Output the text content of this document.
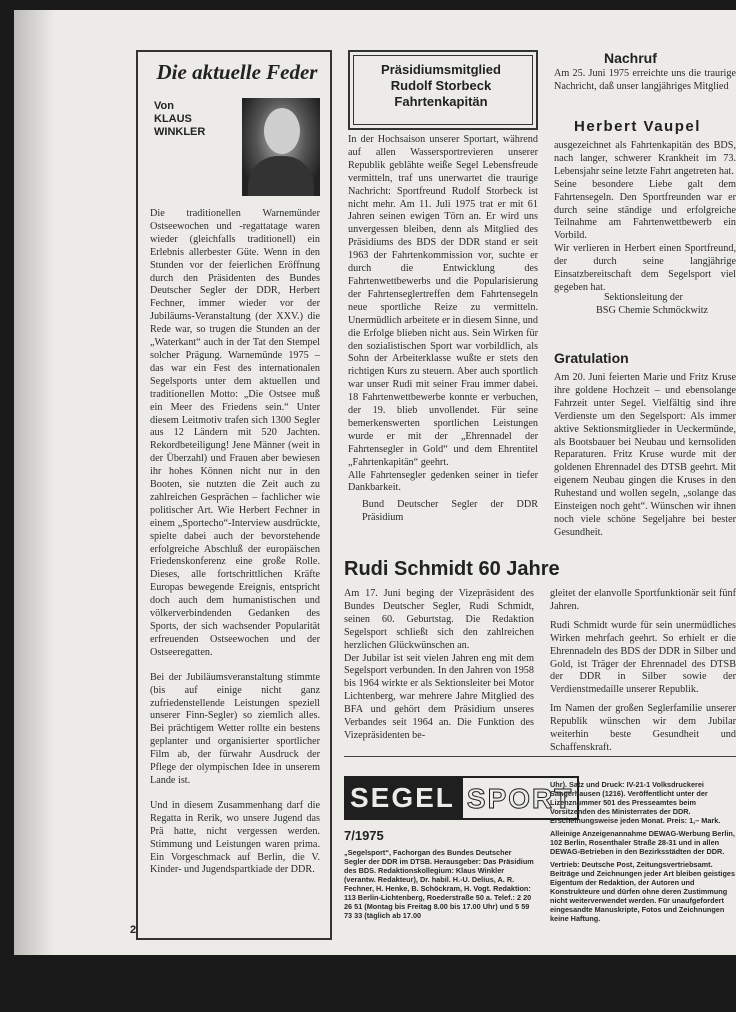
Die aktuelle Feder
Von
KLAUS
WINKLER

Die traditionellen Warnemünder Ostseewochen und -regattatage waren wieder (gleichfalls traditionell) ein Erlebnis allerbester Güte. Wenn in den Stunden vor der feierlichen Eröffnung durch den Präsidenten des Bundes Deutscher Segler der DDR, Herbert Fechner, immer wieder vor der Jubiläums-Veranstaltung (der XXV.) die Rede war, so trugen die Stunden an der „Waterkant“ auch in der Tat den Stempel solcher Prägung. Warnemünde 1975 – das war ein Fest des internationalen Segelsports unter dem aktuellen und traditionellen Motto: „Die Ostsee muß ein Meer des Friedens sein.“ Unter diesem Leitmotiv trafen sich 1300 Segler aus 12 Ländern mit 520 Jachten. Rekordbeteiligung! Jene Männer (weit in der Überzahl) und Frauen aber bewiesen ihr hohes Können nicht nur in den Booten, sie nutzten die Zeit auch zu zahlreichen Gesprächen – fachlicher wie politischer Art. Wie Herbert Fechner in einem „Sportecho“-Interview ausdrückte, spielte dabei auch der bevorstehende erfolgreiche Abschluß der europäischen Friedenskonferenz eine große Rolle. Dieses, alle fortschrittlichen Kräfte Europas bewegende Ereignis, entspricht doch auch dem humanistischen und völkerverbindenden Gedanken des Sports, der sich wachsender Popularität erfreuenden Ostseewochen und der Ostseeregatten.

Bei der Jubiläumsveranstaltung stimmte (bis auf einige nicht ganz zufriedenstellende Leistungen speziell unserer Finn-Segler) so ziemlich alles. Bei prächtigem Wetter rollte ein bestens geplanter und organisierter sportlicher Film ab, der fürwahr Ausdruck der Pflege der olympischen Idee in unserem Lande ist.

Und in diesem Zusammenhang darf die Regatta in Rerik, wo unsere Jugend das Prä hatte, nicht vergessen werden. Stimmung und Leistungen waren prima. Ein Vorgeschmack auf Berlin, die V. Kinder- und Jugendspartkiade der DDR.

Präsidiumsmitglied
Rudolf Storbeck
Fahrtenkapitän

In der Hochsaison unserer Sportart, während auf allen Wassersportrevieren unserer Republik geblähte weiße Segel Lebensfreude vermitteln, traf uns unerwartet die traurige Nachricht: Sportfreund Rudolf Storbeck ist nicht mehr. Am 11. Juli 1975 trat er mit 61 Jahren seinen ewigen Törn an. Er wird uns unvergessen bleiben, denn als Mitglied des Präsidiums des BDS der DDR stand er seit 1963 der Fahrtenkommission vor, suchte er durch die Entwicklung des Fahrtenwettbewerbs und die Popularisierung der Fahrtenseglertreffen dem Fahrtensegeln neue sportliche Reize zu vermitteln. Unermüdlich arbeitete er in diesem Sinne, und die Erfolge blieben nicht aus. Sein Wirken für den sozialistischen Sport war vorbildlich, als Sohn der Arbeiterklasse wußte er stets den richtigen Kurs zu steuern. Aber auch sportlich war unser Rudi mit seiner Frau immer dabei. 18 Fahrtenwettbewerbe konnte er verbuchen, der 19. blieb unvollendet. Für seine bemerkenswerten sportlichen Leistungen wurde er mit der „Ehrennadel der Fahrtensegler in Gold“ und dem Ehrentitel „Fahrtenkapitän“ geehrt.

Alle Fahrtensegler gedenken seiner in tiefer Dankbarkeit.

Bund Deutscher Segler der DDR Präsidium

Nachruf
Am 25. Juni 1975 erreichte uns die traurige Nachricht, daß unser langjähriges Mitglied
Herbert Vaupel

ausgezeichnet als Fahrtenkapitän des BDS, nach langer, schwerer Krankheit im 73. Lebensjahr seine letzte Fahrt angetreten hat.

Seine besondere Liebe galt dem Fahrtensegeln. Den Sportfreunden war er durch seine ständige und erfolgreiche Teilnahme am Fahrtenwettbewerb ein Vorbild.

Wir verlieren in Herbert einen Sportfreund, der durch seine langjährige Einsatzbereitschaft dem Segelsport viel gegeben hat.

Sektionsleitung der
BSG Chemie Schmöckwitz
Gratulation
Am 20. Juni feierten Marie und Fritz Kruse ihre goldene Hochzeit – und ebensolange Fahrzeit unter Segel. Vielfältig sind ihre Verdienste um den Segelsport: Als immer aktive Sektionsmitglieder in Ueckermünde, als Bootsbauer bei Neubau und kernsoliden Reparaturen. Fritz Kruse wurde mit der goldenen Ehrennadel des DTSB geehrt. Mit eigenem Neubau gingen die Kruses in den Ruhestand und wollen segeln, „solange das Einsteigen noch geht“. Wünschen wir ihnen noch viele schöne Segeljahre bei bester Gesundheit.
Rudi Schmidt 60 Jahre

Am 17. Juni beging der Vizepräsident des Bundes Deutscher Segler, Rudi Schmidt, seinen 60. Geburtstag. Die Redaktion Segelsport schließt sich den zahlreichen herzlichen Glückwünschen an.

Der Jubilar ist seit vielen Jahren eng mit dem Segelsport verbunden. In den Jahren von 1958 bis 1964 wirkte er als Sektionsleiter bei Motor Lichtenberg, war mehrere Jahre Mitglied des BFA und gehört dem Präsidium unseres Verbandes seit 1964 an. Die Funktion des Vizepräsidenten be-

gleitet der elanvolle Sportfunktionär seit fünf Jahren.

Rudi Schmidt wurde für sein unermüdliches Wirken mehrfach geehrt. So erhielt er die Ehrennadeln des BDS der DDR in Silber und Gold, ist Träger der Ehrennadel des DTSB der DDR in Silber sowie der Verdienstmedaille unserer Republik.

Im Namen der großen Seglerfamilie unserer Republik wünschen wir dem Jubilar weiterhin beste Gesundheit und Schaffenskraft.

SEGEL SPORT
7/1975
„Segelsport“, Fachorgan des Bundes Deutscher Segler der DDR im DTSB. Herausgeber: Das Präsidium des BDS. Redaktionskollegium: Klaus Winkler (verantw. Redakteur), Dr. habil. H.-U. Delius, A. R. Fechner, H. Henke, B. Schöckram, H. Vogt. Redaktion: 113 Berlin-Lichtenberg, Roederstraße 50 a. Telef.: 2 20 26 51 (Montag bis Freitag 8.00 bis 17.00 Uhr) und 5 59 73 33 (täglich ab 17.00

Uhr). Satz und Druck: IV-21-1 Volksdruckerei Sangerhausen (1216). Veröffentlicht unter der Lizenznummer 501 des Presseamtes beim Vorsitzenden des Ministerrates der DDR. Erscheinungsweise jeden Monat. Preis: 1,– Mark.

Alleinige Anzeigenannahme DEWAG-Werbung Berlin, 102 Berlin, Rosenthaler Straße 28-31 und in allen DEWAG-Betrieben in den Bezirksstädten der DDR.

Vertrieb: Deutsche Post, Zeitungsvertriebsamt. Beiträge und Zeichnungen jeder Art bleiben geistiges Eigentum der Redaktion, der Autoren und Konstrukteure und dürfen ohne deren Zustimmung nicht weiterverwendet werden. Für unaufgefordert eingesandte Manuskripte, Fotos und Zeichnungen keine Haftung.

2
